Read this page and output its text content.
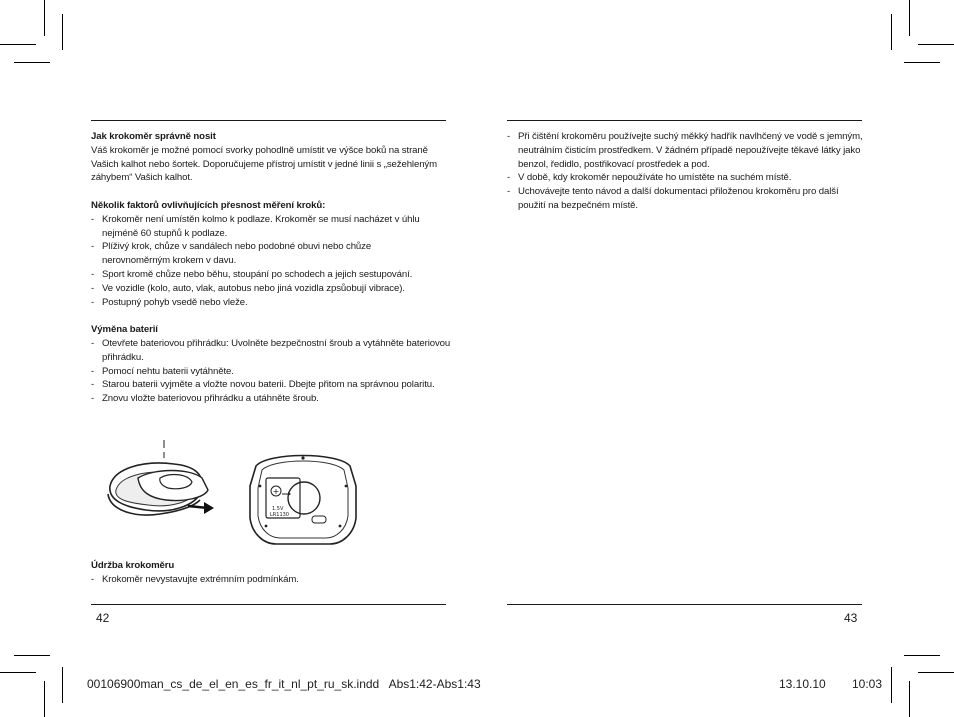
Jak krokoměr správně nosit

Váš krokoměr je možné pomocí svorky pohodlně umístit ve výšce boků na straně Vašich kalhot nebo šortek. Doporučujeme přístroj umístit v jedné linii s „sežehleným záhybem“ Vašich kalhot.

Několik faktorů ovlivňujících přesnost měření kroků:
- Krokoměr není umístěn kolmo k podlaze. Krokoměr se musí nacházet v úhlu nejméně 60 stupňů k podlaze.
- Plíživý krok, chůze v sandálech nebo podobné obuvi nebo chůze nerovnoměrným krokem v davu.
- Sport kromě chůze nebo běhu, stoupání po schodech a jejich sestupování.
- Ve vozidle (kolo, auto, vlak, autobus nebo jiná vozidla zpsůobují vibrace).
- Postupný pohyb vsedě nebo vleže.
Výměna baterií
- Otevřete bateriovou přihrádku: Uvolněte bezpečnostní šroub a vytáhněte bateriovou přihrádku.
- Pomocí nehtu baterii vytáhněte.
- Starou baterii vyjměte a vložte novou baterii. Dbejte přitom na správnou polaritu.
- Znovu vložte bateriovou přihrádku a utáhněte šroub.
+
1.5V
LR1130
Údržba krokoměru
- Krokoměr nevystavujte extrémním podmínkám.
- Při čištění krokoměru používejte suchý měkký hadřík navlhčený ve vodě s jemným, neutrálním čisticím prostředkem. V žádném případě nepoužívejte těkavé látky jako benzol, ředidlo, postřikovací prostředek a pod.
- V době, kdy krokoměr nepoužíváte ho umístěte na suchém místě.
- Uchovávejte tento návod a další dokumentaci přiloženou krokoměru pro další použití na bezpečném místě.
42	43
00106900man_cs_de_el_en_es_fr_it_nl_pt_ru_sk.indd   Abs1:42-Abs1:43	13.10.10 10:03
